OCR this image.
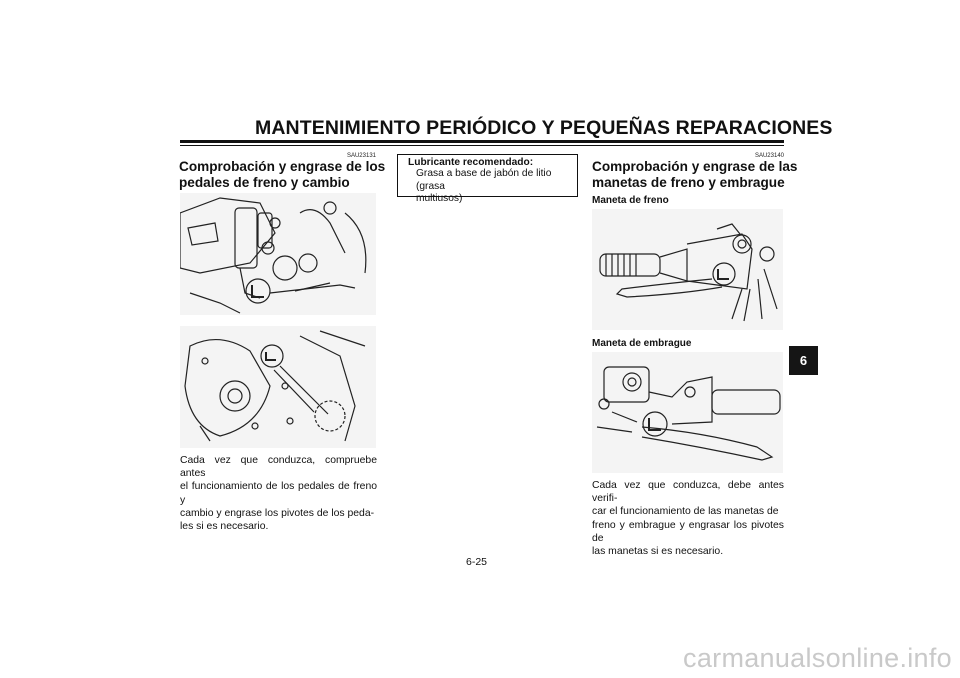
MANTENIMIENTO PERIÓDICO Y PEQUEÑAS REPARACIONES
SAU23131
Comprobación y engrase de los
pedales de freno y cambio
Cada vez que conduzca, compruebe antes
el funcionamiento de los pedales de freno y
cambio y engrase los pivotes de los peda-
les si es necesario.
Lubricante recomendado:
Grasa a base de jabón de litio (grasa
multiusos)
SAU23140
Comprobación y engrase de las
manetas de freno y embrague
Maneta de freno
Maneta de embrague
Cada vez que conduzca, debe antes verifi-
car el funcionamiento de las manetas de
freno y embrague y engrasar los pivotes de
las manetas si es necesario.
6
6-25
carmanualsonline.info
